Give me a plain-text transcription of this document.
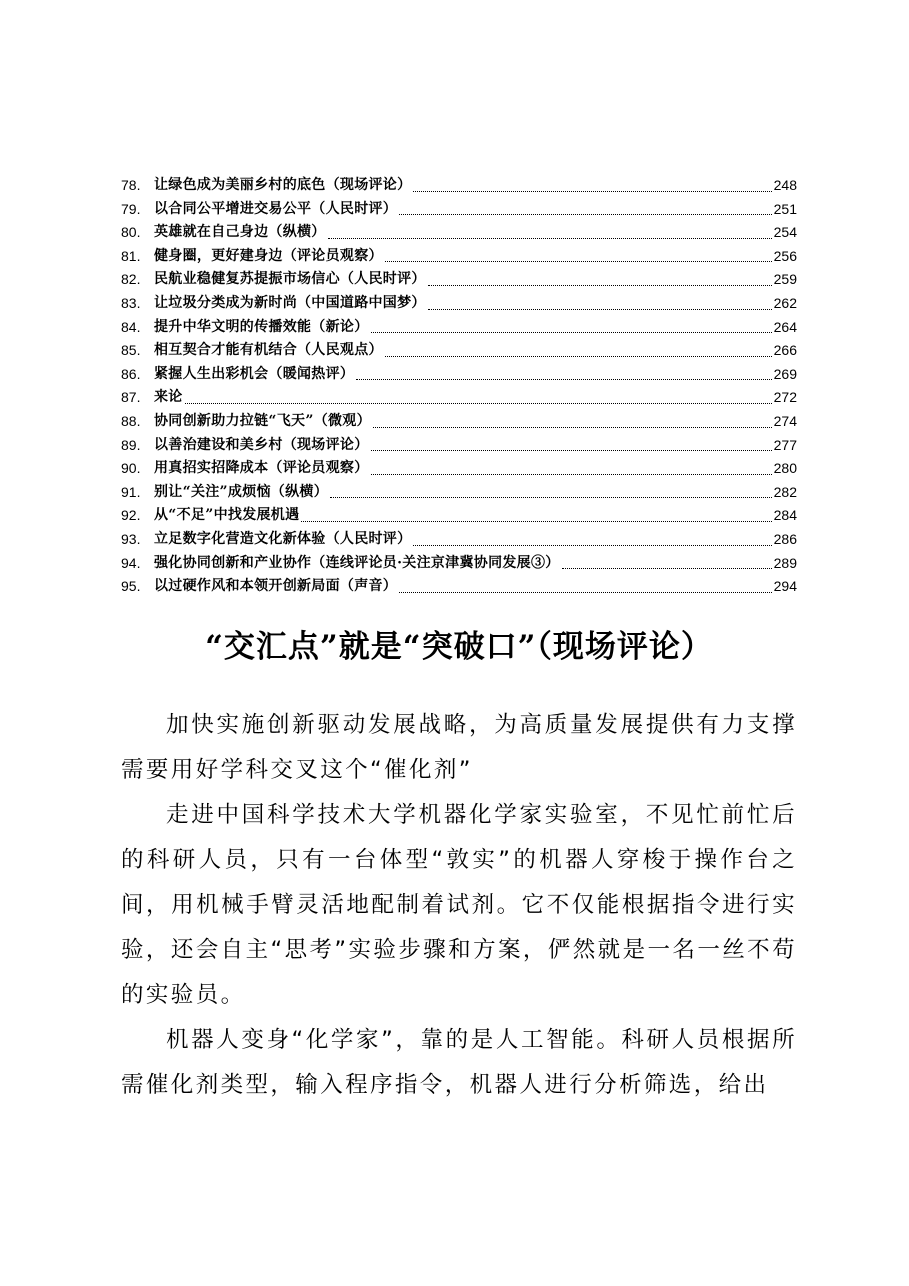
78. 让绿色成为美丽乡村的底色（现场评论）	248
79. 以合同公平增进交易公平（人民时评）	251
80. 英雄就在自己身边（纵横）	254
81. 健身圈，更好建身边（评论员观察）	256
82. 民航业稳健复苏提振市场信心（人民时评）	259
83. 让垃圾分类成为新时尚（中国道路中国梦）	262
84. 提升中华文明的传播效能（新论）	264
85. 相互契合才能有机结合（人民观点）	266
86. 紧握人生出彩机会（暖闻热评）	269
87. 来论	272
88. 协同创新助力拉链“飞天”（微观）	274
89. 以善治建设和美乡村（现场评论）	277
90. 用真招实招降成本（评论员观察）	280
91. 别让“关注”成烦恼（纵横）	282
92. 从“不足”中找发展机遇	284
93. 立足数字化营造文化新体验（人民时评）	286
94. 强化协同创新和产业协作（连线评论员·关注京津冀协同发展③）	289
95. 以过硬作风和本领开创新局面（声音）	294
“交汇点”就是“突破口”（现场评论）

加快实施创新驱动发展战略，为高质量发展提供有力支撑需要用好学科交叉这个“催化剂”

走进中国科学技术大学机器化学家实验室，不见忙前忙后的科研人员，只有一台体型“敦实”的机器人穿梭于操作台之间，用机械手臂灵活地配制着试剂。它不仅能根据指令进行实验，还会自主“思考”实验步骤和方案，俨然就是一名一丝不苟的实验员。

机器人变身“化学家”，靠的是人工智能。科研人员根据所需催化剂类型，输入程序指令，机器人进行分析筛选，给出
